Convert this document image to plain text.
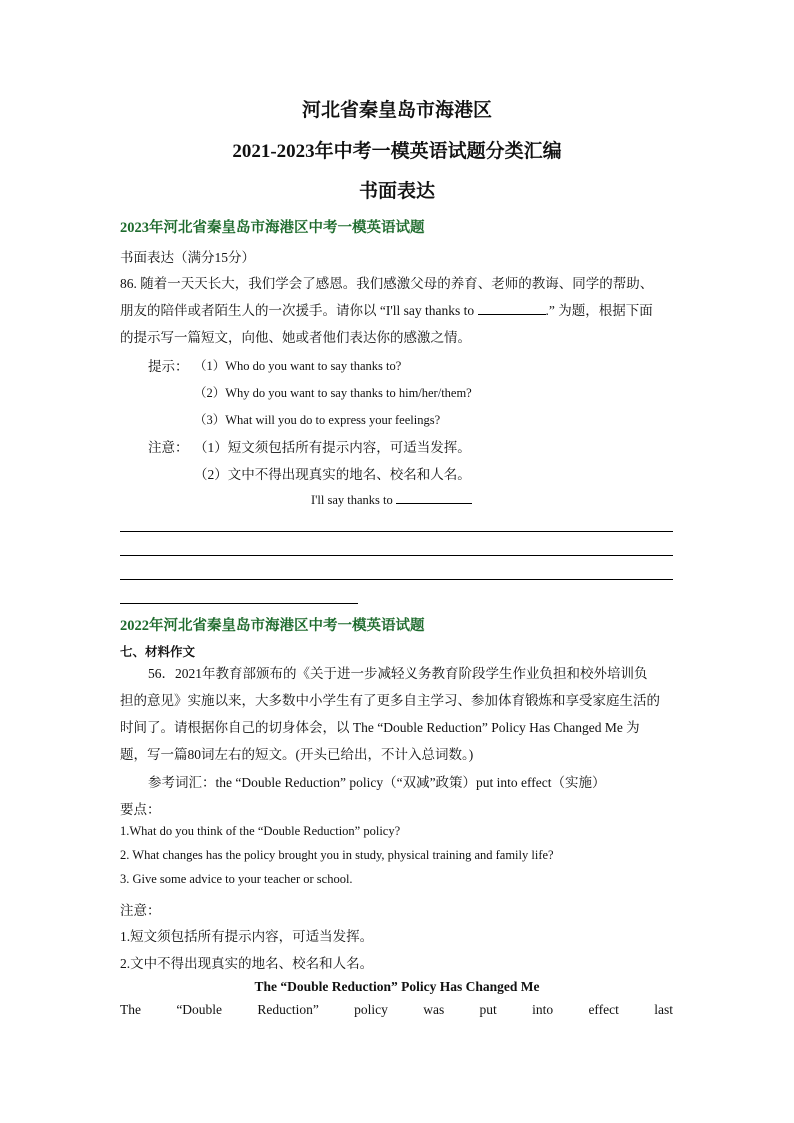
河北省秦皇岛市海港区
2021-2023年中考一模英语试题分类汇编
书面表达
2023年河北省秦皇岛市海港区中考一模英语试题
书面表达（满分15分）
86. 随着一天天长大，我们学会了感恩。我们感激父母的养育、老师的教诲、同学的帮助、
朋友的陪伴或者陌生人的一次援手。请你以 “I'll say thanks to	.” 为题，根据下面
的提示写一篇短文，向他、她或者他们表达你的感激之情。
提示： （1）Who do you want to say thanks to?
（2）Why do you want to say thanks to him/her/them?
（3）What will you do to express your feelings?
注意： （1）短文须包括所有提示内容，可适当发挥。
（2）文中不得出现真实的地名、校名和人名。
I'll say thanks to
2022年河北省秦皇岛市海港区中考一模英语试题
七、材料作文
56．2021年教育部颁布的《关于进一步减轻义务教育阶段学生作业负担和校外培训负
担的意见》实施以来，大多数中小学生有了更多自主学习、参加体育锻炼和享受家庭生活的
时间了。请根据你自己的切身体会，以 The “Double Reduction” Policy Has Changed Me 为
题，写一篇80词左右的短文。(开头已给出，不计入总词数。)
参考词汇：the “Double Reduction” policy（“双减”政策）put into effect（实施）
要点：
1.What do you think of the “Double Reduction” policy?
2. What changes has the policy brought you in study, physical training and family life?
3. Give some advice to your teacher or school.
注意：
1.短文须包括所有提示内容，可适当发挥。
2.文中不得出现真实的地名、校名和人名。
The “Double Reduction” Policy Has Changed Me
The	“Double	Reduction”	policy	was	put	into	effect	last
